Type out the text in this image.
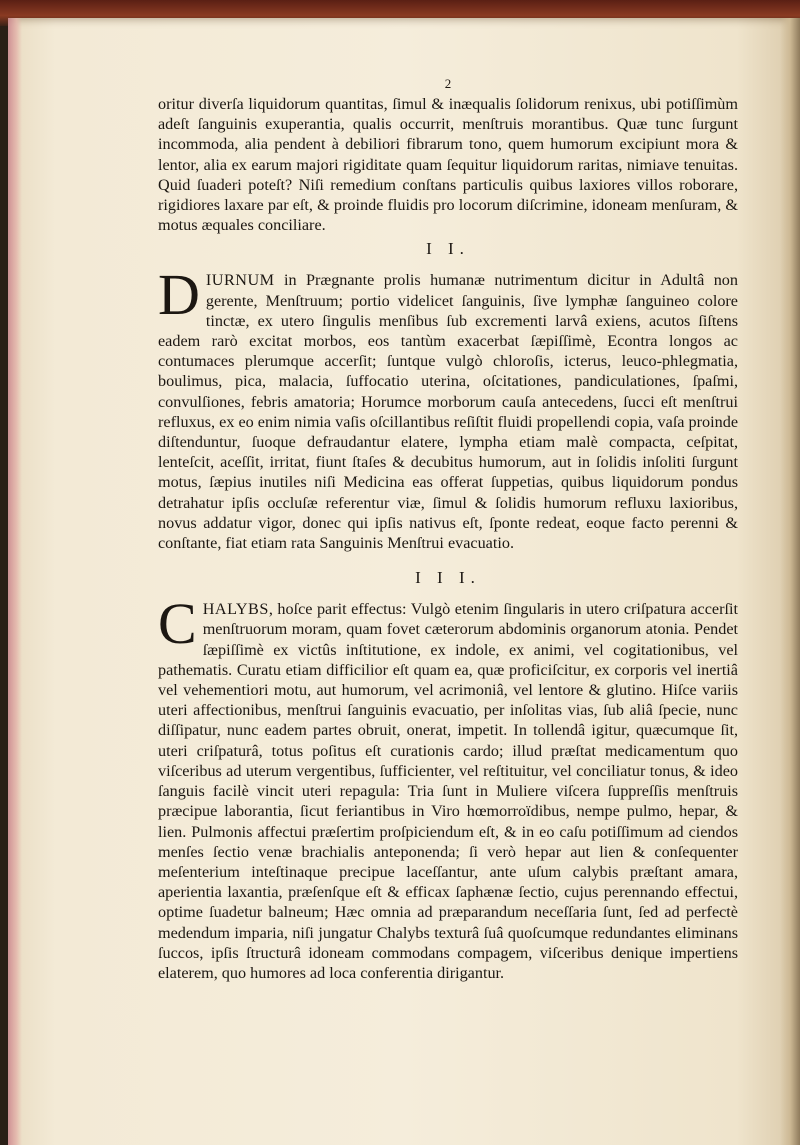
2

oritur diverſa liquidorum quantitas, ſimul & inæqualis ſolidorum renixus, ubi potiſſimùm adeſt ſanguinis exuperantia, qualis occurrit, menſtruis morantibus. Quæ tunc ſurgunt incommoda, alia pendent à debiliori fibrarum tono, quem humorum excipiunt mora & lentor, alia ex earum majori rigiditate quam ſequitur liquidorum raritas, nimiave tenuitas. Quid ſuaderi poteſt? Niſi remedium conſtans particulis quibus laxiores villos roborare, rigidiores laxare par eſt, & proinde fluidis pro locorum diſcrimine, idoneam menſuram, & motus æquales conciliare.

I I.

DIURNUM in Prægnante prolis humanæ nutrimentum dicitur in Adultâ non gerente, Menſtruum; portio videlicet ſanguinis, ſive lymphæ ſanguineo colore tinctæ, ex utero ſingulis menſibus ſub excrementi larvâ exiens, acutos ſiſtens eadem rarò excitat morbos, eos tantùm exacerbat ſæpiſſimè, Econtra longos ac contumaces plerumque accerſit; ſuntque vulgò chloroſis, icterus, leuco-phlegmatia, boulimus, pica, malacia, ſuffocatio uterina, oſcitationes, pandiculationes, ſpaſmi, convulſiones, febris amatoria; Horumce morborum cauſa antecedens, ſucci eſt menſtrui refluxus, ex eo enim nimia vaſis oſcillantibus reſiſtit fluidi propellendi copia, vaſa proinde diſtenduntur, ſuoque defraudantur elatere, lympha etiam malè compacta, ceſpitat, lenteſcit, aceſſit, irritat, fiunt ſtaſes & decubitus humorum, aut in ſolidis inſoliti ſurgunt motus, ſæpius inutiles niſi Medicina eas offerat ſuppetias, quibus liquidorum pondus detrahatur ipſis occluſæ referentur viæ, ſimul & ſolidis humorum refluxu laxioribus, novus addatur vigor, donec qui ipſis nativus eſt, ſponte redeat, eoque facto perenni & conſtante, fiat etiam rata Sanguinis Menſtrui evacuatio.

I I I.

CHALYBS, hoſce parit effectus: Vulgò etenim ſingularis in utero criſpatura accerſit menſtruorum moram, quam fovet cæterorum abdominis organorum atonia. Pendet ſæpiſſimè ex victûs inſtitutione, ex indole, ex animi, vel cogitationibus, vel pathematis. Curatu etiam difficilior eſt quam ea, quæ proficiſcitur, ex corporis vel inertiâ vel vehementiori motu, aut humorum, vel acrimoniâ, vel lentore & glutino. Hiſce variis uteri affectionibus, menſtrui ſanguinis evacuatio, per inſolitas vias, ſub aliâ ſpecie, nunc diſſipatur, nunc eadem partes obruit, onerat, impetit. In tollendâ igitur, quæcumque ſit, uteri criſpaturâ, totus poſitus eſt curationis cardo; illud præſtat medicamentum quo viſceribus ad uterum vergentibus, ſufficienter, vel reſtituitur, vel conciliatur tonus, & ideo ſanguis facilè vincit uteri repagula: Tria ſunt in Muliere viſcera ſuppreſſis menſtruis præcipue laborantia, ſicut feriantibus in Viro hœmorroïdibus, nempe pulmo, hepar, & lien. Pulmonis affectui præſertim proſpiciendum eſt, & in eo caſu potiſſimum ad ciendos menſes ſectio venæ brachialis anteponenda; ſi verò hepar aut lien & conſequenter meſenterium inteſtinaque precipue laceſſantur, ante uſum calybis præſtant amara, aperientia laxantia, præſenſque eſt & efficax ſaphænæ ſectio, cujus perennando effectui, optime ſuadetur balneum; Hæc omnia ad præparandum neceſſaria ſunt, ſed ad perfectè medendum imparia, niſi jungatur Chalybs texturâ ſuâ quoſcumque redundantes eliminans ſuccos, ipſis ſtructurâ idoneam commodans compagem, viſceribus denique impertiens elaterem, quo humores ad loca conferentia dirigantur.
